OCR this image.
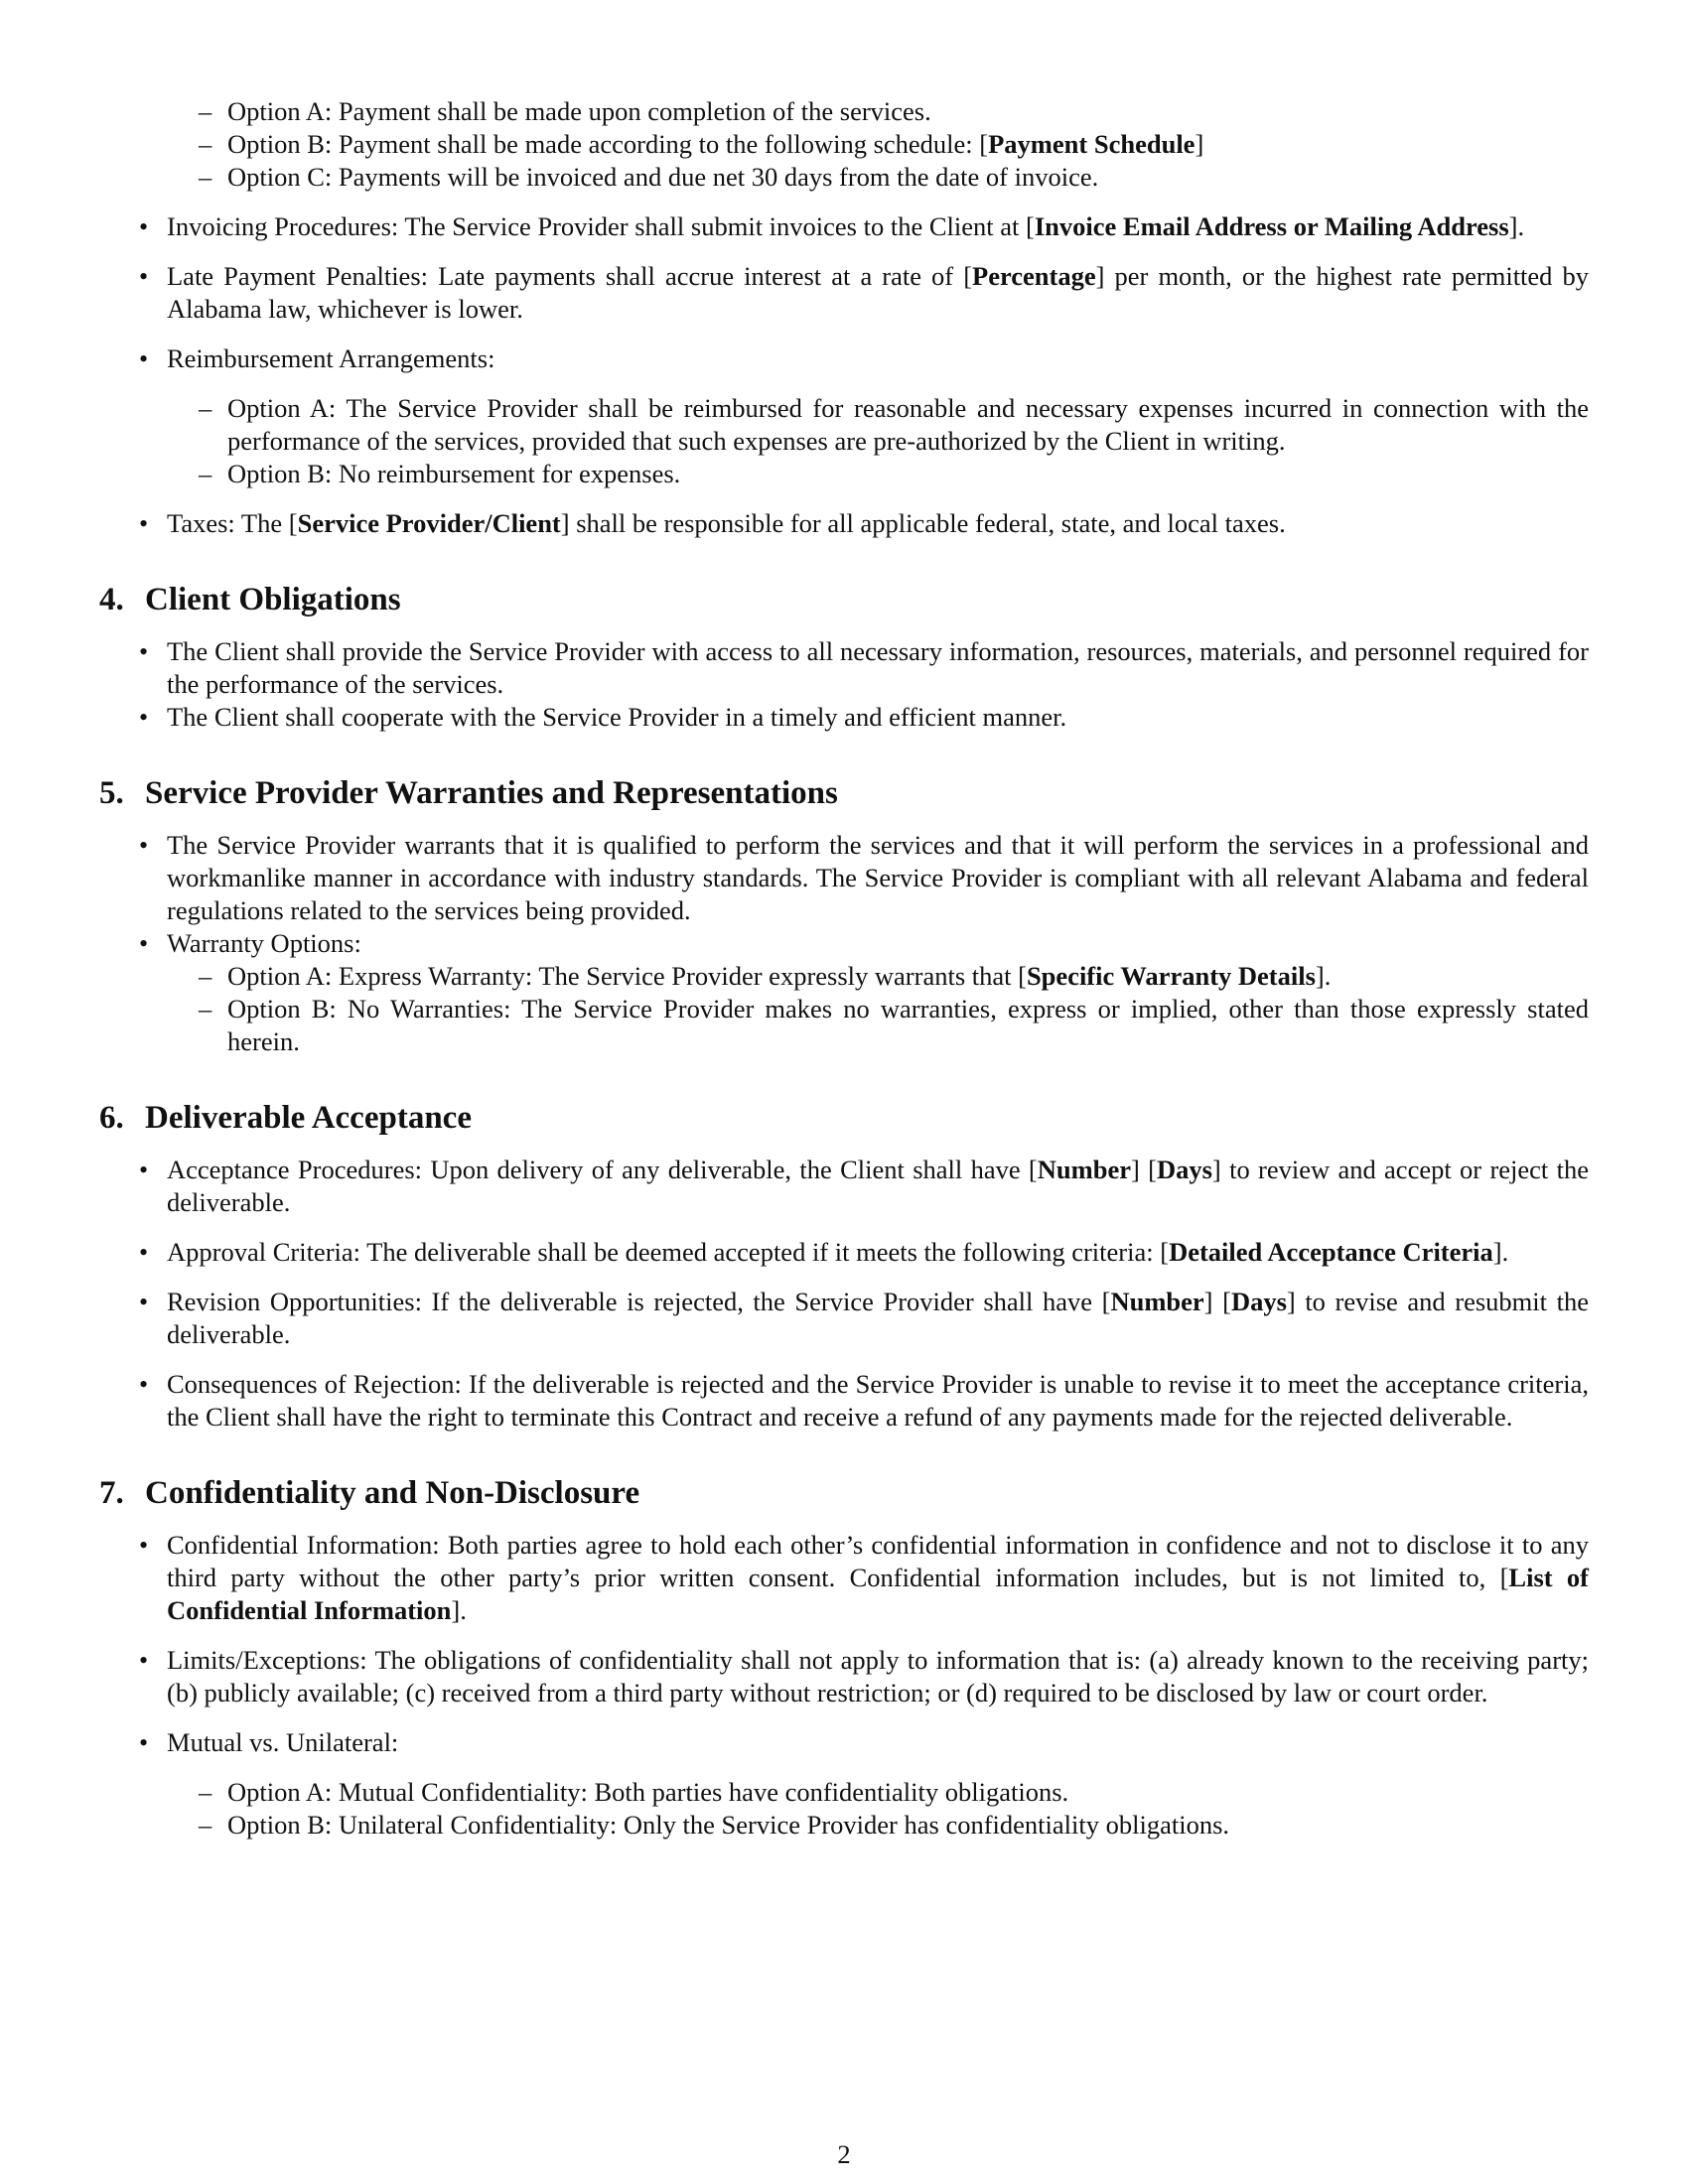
– Option A: Payment shall be made upon completion of the services.
– Option B: Payment shall be made according to the following schedule: [Payment Schedule]
– Option C: Payments will be invoiced and due net 30 days from the date of invoice.
• Invoicing Procedures: The Service Provider shall submit invoices to the Client at [Invoice Email Address or Mailing Address].
• Late Payment Penalties: Late payments shall accrue interest at a rate of [Percentage] per month, or the highest rate permitted by Alabama law, whichever is lower.
• Reimbursement Arrangements:
– Option A: The Service Provider shall be reimbursed for reasonable and necessary expenses incurred in connection with the performance of the services, provided that such expenses are pre-authorized by the Client in writing.
– Option B: No reimbursement for expenses.
• Taxes: The [Service Provider/Client] shall be responsible for all applicable federal, state, and local taxes.
4. Client Obligations
• The Client shall provide the Service Provider with access to all necessary information, resources, materials, and personnel required for the performance of the services.
• The Client shall cooperate with the Service Provider in a timely and efficient manner.
5. Service Provider Warranties and Representations
• The Service Provider warrants that it is qualified to perform the services and that it will perform the services in a professional and workmanlike manner in accordance with industry standards. The Service Provider is compliant with all relevant Alabama and federal regulations related to the services being provided.
• Warranty Options:
– Option A: Express Warranty: The Service Provider expressly warrants that [Specific Warranty Details].
– Option B: No Warranties: The Service Provider makes no warranties, express or implied, other than those expressly stated herein.
6. Deliverable Acceptance
• Acceptance Procedures: Upon delivery of any deliverable, the Client shall have [Number] [Days] to review and accept or reject the deliverable.
• Approval Criteria: The deliverable shall be deemed accepted if it meets the following criteria: [Detailed Acceptance Criteria].
• Revision Opportunities: If the deliverable is rejected, the Service Provider shall have [Number] [Days] to revise and resubmit the deliverable.
• Consequences of Rejection: If the deliverable is rejected and the Service Provider is unable to revise it to meet the acceptance criteria, the Client shall have the right to terminate this Contract and receive a refund of any payments made for the rejected deliverable.
7. Confidentiality and Non-Disclosure
• Confidential Information: Both parties agree to hold each other’s confidential information in confidence and not to disclose it to any third party without the other party’s prior written consent. Confidential information includes, but is not limited to, [List of Confidential Information].
• Limits/Exceptions: The obligations of confidentiality shall not apply to information that is: (a) already known to the receiving party; (b) publicly available; (c) received from a third party without restriction; or (d) required to be disclosed by law or court order.
• Mutual vs. Unilateral:
– Option A: Mutual Confidentiality: Both parties have confidentiality obligations.
– Option B: Unilateral Confidentiality: Only the Service Provider has confidentiality obligations.
2
